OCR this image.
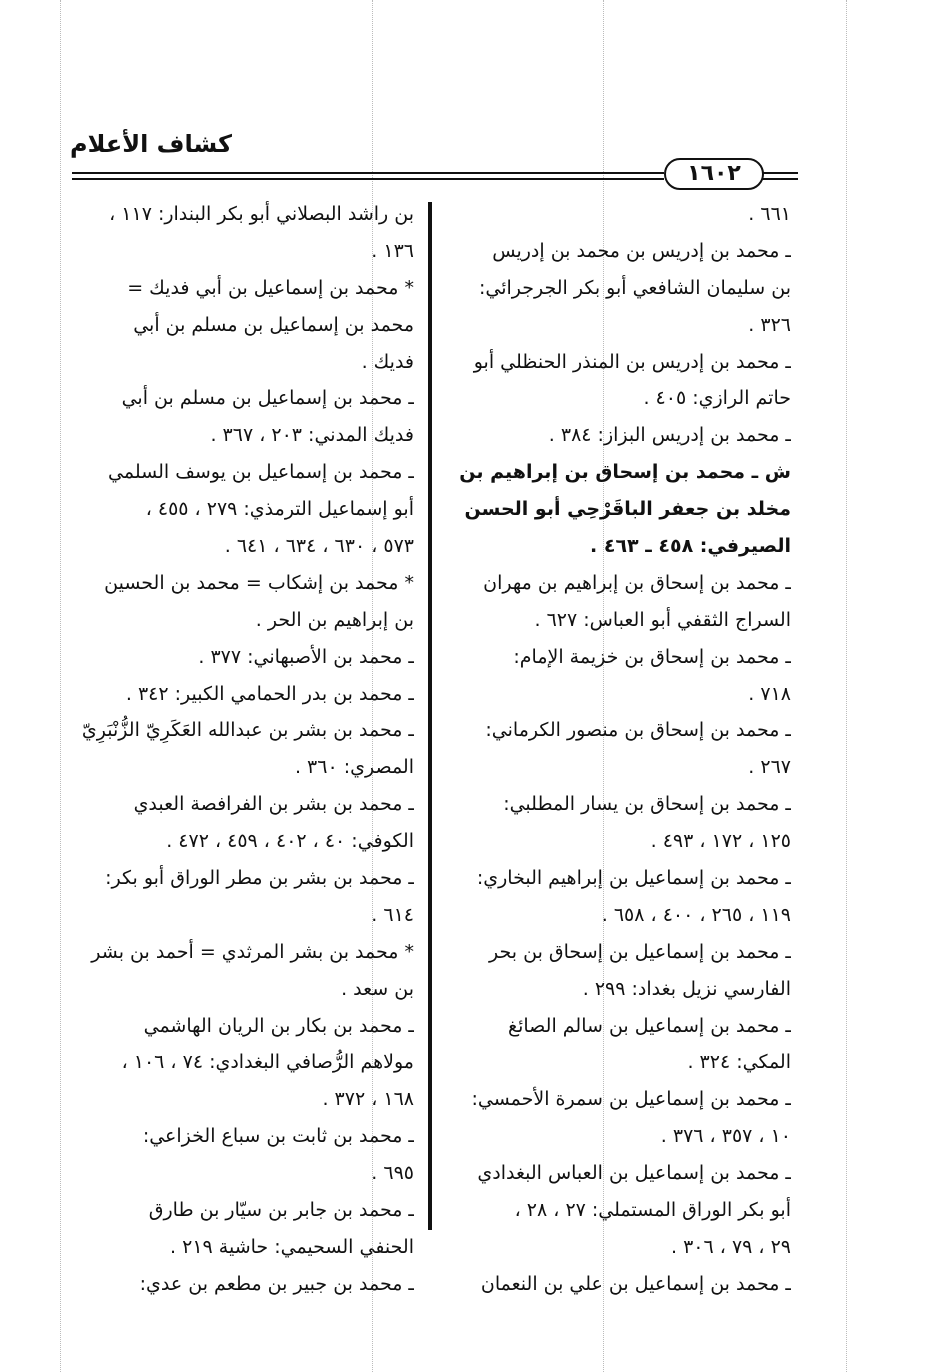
كشاف الأعلام
١٦٠٢
٦٦١ .
ـ محمد بن إدريس بن محمد بن إدريس
بن سليمان الشافعي أبو بكر الجرجرائي:
٣٢٦ .
ـ محمد بن إدريس بن المنذر الحنظلي أبو
حاتم الرازي: ٤٠٥ .
ـ محمد بن إدريس البزاز: ٣٨٤ .
ش ـ محمد بن إسحاق بن إبراهيم بن
مخلد بن جعفر الباقَرْحِي أبو الحسن
الصيرفي: ٤٥٨ ـ ٤٦٣ .
ـ محمد بن إسحاق بن إبراهيم بن مهران
السراج الثقفي أبو العباس: ٦٢٧ .
ـ محمد بن إسحاق بن خزيمة الإمام:
٧١٨ .
ـ محمد بن إسحاق بن منصور الكرماني:
٢٦٧ .
ـ محمد بن إسحاق بن يسار المطلبي:
١٢٥ ، ١٧٢ ، ٤٩٣ .
ـ محمد بن إسماعيل بن إبراهيم البخاري:
١١٩ ، ٢٦٥ ، ٤٠٠ ، ٦٥٨ .
ـ محمد بن إسماعيل بن إسحاق بن بحر
الفارسي نزيل بغداد: ٢٩٩ .
ـ محمد بن إسماعيل بن سالم الصائغ
المكي: ٣٢٤ .
ـ محمد بن إسماعيل بن سمرة الأحمسي:
١٠ ، ٣٥٧ ، ٣٧٦ .
ـ محمد بن إسماعيل بن العباس البغدادي
أبو بكر الوراق المستملي: ٢٧ ، ٢٨ ،
٢٩ ، ٧٩ ، ٣٠٦ .
ـ محمد بن إسماعيل بن علي بن النعمان
بن راشد البصلاني أبو بكر البندار: ١١٧ ،
١٣٦ .
* محمد بن إسماعيل بن أبي فديك =
محمد بن إسماعيل بن مسلم بن أبي
فديك .
ـ محمد بن إسماعيل بن مسلم بن أبي
فديك المدني: ٢٠٣ ، ٣٦٧ .
ـ محمد بن إسماعيل بن يوسف السلمي
أبو إسماعيل الترمذي: ٢٧٩ ، ٤٥٥ ،
٥٧٣ ، ٦٣٠ ، ٦٣٤ ، ٦٤١ .
* محمد بن إشكاب = محمد بن الحسين
بن إبراهيم بن الحر .
ـ محمد بن الأصبهاني: ٣٧٧ .
ـ محمد بن بدر الحمامي الكبير: ٣٤٢ .
ـ محمد بن بشر بن عبدالله العَكَرِيّ الزُّنْبَرِيّ
المصري: ٣٦٠ .
ـ محمد بن بشر بن الفرافصة العبدي
الكوفي: ٤٠ ، ٤٠٢ ، ٤٥٩ ، ٤٧٢ .
ـ محمد بن بشر بن مطر الوراق أبو بكر:
٦١٤ .
* محمد بن بشر المرثدي = أحمد بن بشر
بن سعد .
ـ محمد بن بكار بن الريان الهاشمي
مولاهم الرُّصافي البغدادي: ٧٤ ، ١٠٦ ،
١٦٨ ، ٣٧٢ .
ـ محمد بن ثابت بن سباع الخزاعي:
٦٩٥ .
ـ محمد بن جابر بن سيّار بن طارق
الحنفي السحيمي: حاشية ٢١٩ .
ـ محمد بن جبير بن مطعم بن عدي:
